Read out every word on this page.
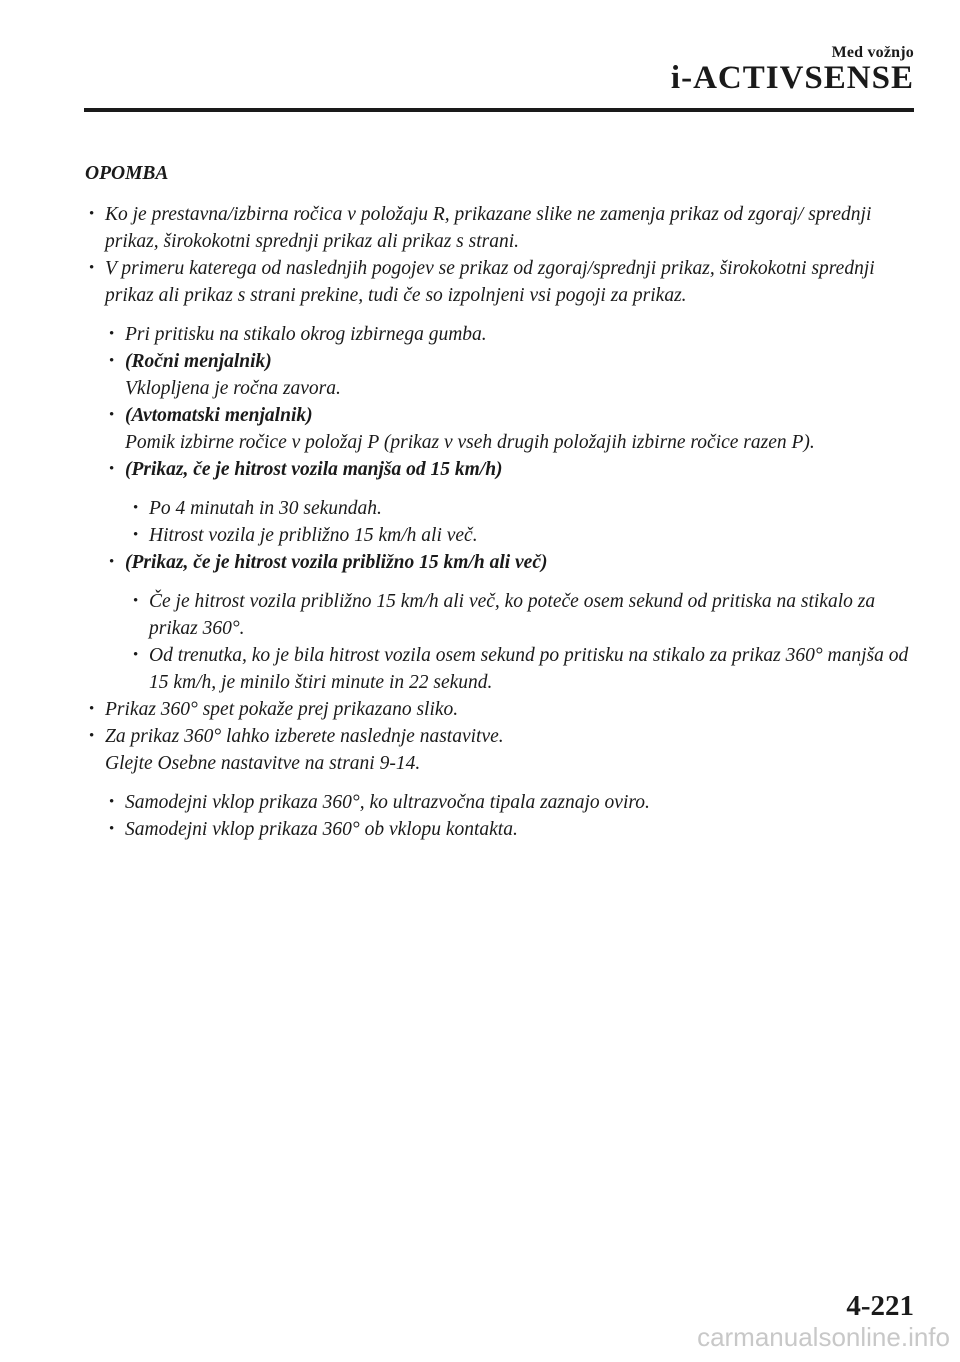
Med vožnjo
i-ACTIVSENSE
OPOMBA
• Ko je prestavna/izbirna ročica v položaju R, prikazane slike ne zamenja prikaz od zgoraj/ sprednji prikaz, širokokotni sprednji prikaz ali prikaz s strani.
• V primeru katerega od naslednjih pogojev se prikaz od zgoraj/sprednji prikaz, širokokotni sprednji prikaz ali prikaz s strani prekine, tudi če so izpolnjeni vsi pogoji za prikaz.
• Pri pritisku na stikalo okrog izbirnega gumba.
• (Ročni menjalnik)
Vklopljena je ročna zavora.
• (Avtomatski menjalnik)
Pomik izbirne ročice v položaj P (prikaz v vseh drugih položajih izbirne ročice razen P).
• (Prikaz, če je hitrost vozila manjša od 15 km/h)
• Po 4 minutah in 30 sekundah.
• Hitrost vozila je približno 15 km/h ali več.
• (Prikaz, če je hitrost vozila približno 15 km/h ali več)
• Če je hitrost vozila približno 15 km/h ali več, ko poteče osem sekund od pritiska na stikalo za prikaz 360°.
• Od trenutka, ko je bila hitrost vozila osem sekund po pritisku na stikalo za prikaz 360° manjša od 15 km/h, je minilo štiri minute in 22 sekund.
• Prikaz 360° spet pokaže prej prikazano sliko.
• Za prikaz 360° lahko izberete naslednje nastavitve.
Glejte Osebne nastavitve na strani 9-14.
• Samodejni vklop prikaza 360°, ko ultrazvočna tipala zaznajo oviro.
• Samodejni vklop prikaza 360° ob vklopu kontakta.
4-221
carmanualsonline.info
